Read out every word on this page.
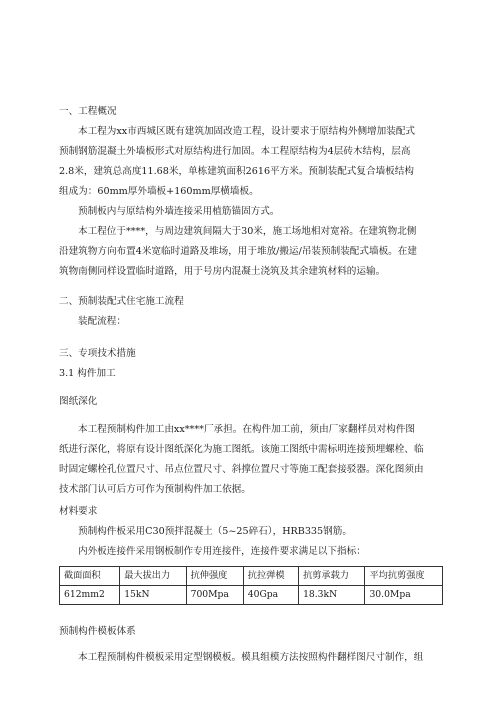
一、工程概况
本工程为xx市西城区既有建筑加固改造工程，设计要求于原结构外侧增加装配式
预制钢筋混凝土外墙板形式对原结构进行加固。本工程原结构为4层砖木结构，层高
2.8米，建筑总高度11.68米，单栋建筑面积2616平方米。预制装配式复合墙板结构
组成为：60mm厚外墙板+160mm厚横墙板。
预制板内与原结构外墙连接采用植筋锚固方式。
本工程位于****，与周边建筑间隔大于30米，施工场地相对宽裕。在建筑物北侧
沿建筑物方向布置4米宽临时道路及堆场，用于堆放/搬运/吊装预制装配式墙板。在建
筑物南侧同样设置临时道路，用于号房内混凝土浇筑及其余建筑材料的运输。
二、预制装配式住宅施工流程
装配流程：
三、专项技术措施
3.1 构件加工
图纸深化
本工程预制构件加工由xx****厂承担。在构件加工前，须由厂家翻样员对构件图
纸进行深化，将原有设计图纸深化为施工图纸。该施工图纸中需标明连接预埋螺栓、临
时固定螺栓孔位置尺寸、吊点位置尺寸、斜撑位置尺寸等施工配套接驳器。深化图须由
技术部门认可后方可作为预制构件加工依据。
材料要求
预制构件板采用C30预拌混凝土（5~25碎石），HRB335钢筋。
内外板连接件采用钢板制作专用连接件，连接件要求满足以下指标：
截面面积	最大拔出力	抗伸强度	抗拉弹模	抗剪承载力	平均抗剪强度
612mm2	15kN	700Mpa	40Gpa	18.3kN	30.0Mpa
预制构件模板体系
本工程预制构件模板采用定型钢模板。模具组模方法按照构件翻样图尺寸制作，组
